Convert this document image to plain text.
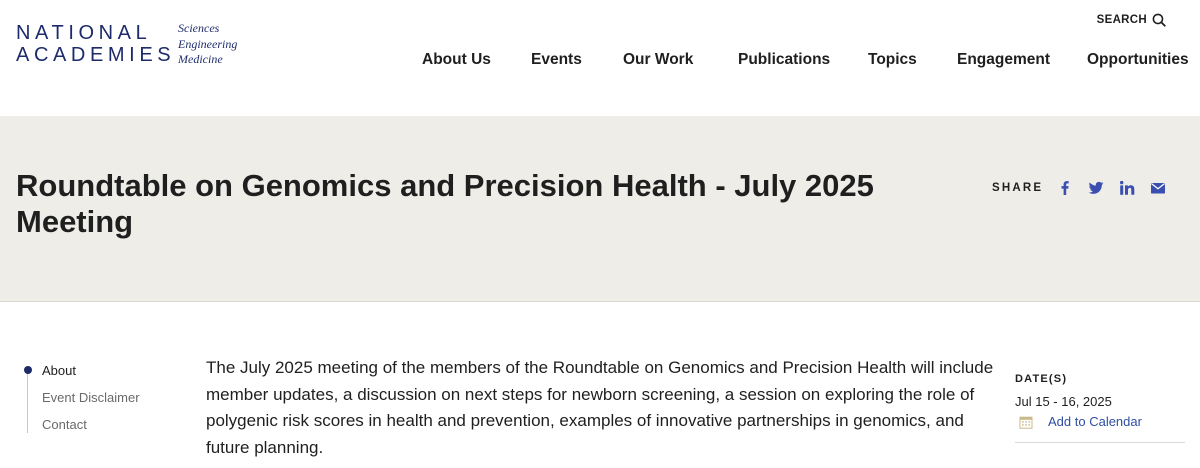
NATIONAL
ACADEMIES
Sciences
Engineering
Medicine
SEARCH
About Us	Events	Our Work	Publications Topics	Engagement Opportunities
Roundtable on Genomics and Precision Health - July 2025 Meeting
SHARE
About
Event Disclaimer
Contact

The July 2025 meeting of the members of the Roundtable on Genomics and Precision Health will include member updates, a discussion on next steps for newborn screening, a session on exploring the role of polygenic risk scores in health and prevention, examples of innovative partnerships in genomics, and future planning.

DATE(S)
Jul 15 - 16, 2025
Add to Calendar
